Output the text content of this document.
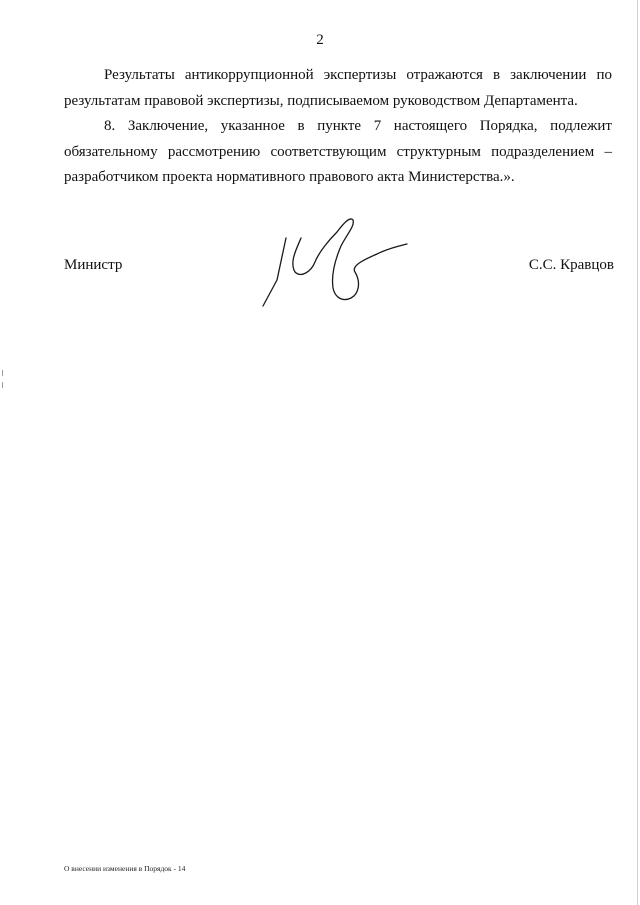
2
Результаты антикоррупционной экспертизы отражаются в заключении по результатам правовой экспертизы, подписываемом руководством Департамента.
8. Заключение, указанное в пункте 7 настоящего Порядка, подлежит обязательному рассмотрению соответствующим структурным подразделением – разработчиком проекта нормативного правового акта Министерства.».
Министр	С.С. Кравцов
О внесении изменения в Порядок - 14
